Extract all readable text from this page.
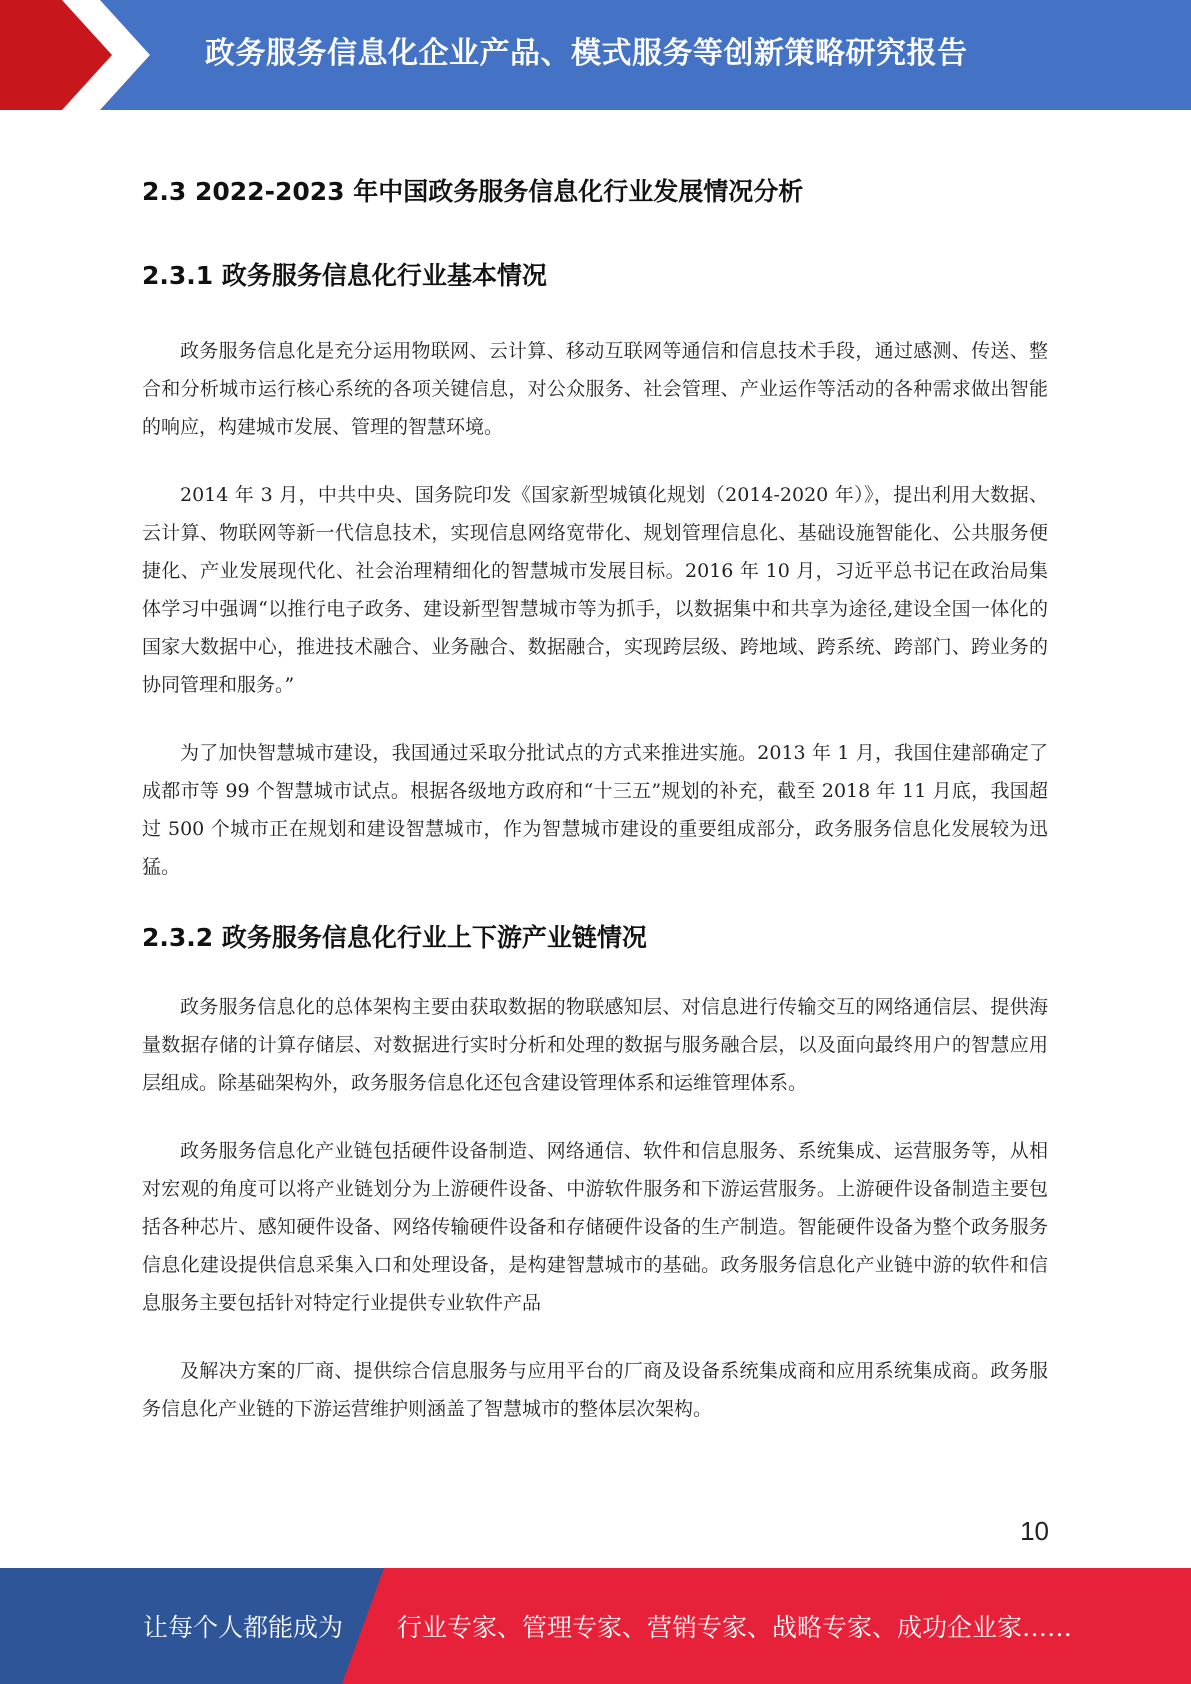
政务服务信息化企业产品、模式服务等创新策略研究报告
2.3 2022-2023 年中国政务服务信息化行业发展情况分析
2.3.1 政务服务信息化行业基本情况

政务服务信息化是充分运用物联网、云计算、移动互联网等通信和信息技术手段，通过感测、传送、整合和分析城市运行核心系统的各项关键信息，对公众服务、社会管理、产业运作等活动的各种需求做出智能的响应，构建城市发展、管理的智慧环境。

2014 年 3 月，中共中央、国务院印发《国家新型城镇化规划（2014-2020 年）》，提出利用大数据、云计算、物联网等新一代信息技术，实现信息网络宽带化、规划管理信息化、基础设施智能化、公共服务便捷化、产业发展现代化、社会治理精细化的智慧城市发展目标。2016 年 10 月，习近平总书记在政治局集体学习中强调“以推行电子政务、建设新型智慧城市等为抓手，以数据集中和共享为途径,建设全国一体化的国家大数据中心，推进技术融合、业务融合、数据融合，实现跨层级、跨地域、跨系统、跨部门、跨业务的协同管理和服务。”

为了加快智慧城市建设，我国通过采取分批试点的方式来推进实施。2013 年 1 月，我国住建部确定了成都市等 99 个智慧城市试点。根据各级地方政府和“十三五”规划的补充，截至 2018 年 11 月底，我国超过 500 个城市正在规划和建设智慧城市，作为智慧城市建设的重要组成部分，政务服务信息化发展较为迅猛。

2.3.2 政务服务信息化行业上下游产业链情况

政务服务信息化的总体架构主要由获取数据的物联感知层、对信息进行传输交互的网络通信层、提供海量数据存储的计算存储层、对数据进行实时分析和处理的数据与服务融合层，以及面向最终用户的智慧应用层组成。除基础架构外，政务服务信息化还包含建设管理体系和运维管理体系。

政务服务信息化产业链包括硬件设备制造、网络通信、软件和信息服务、系统集成、运营服务等，从相对宏观的角度可以将产业链划分为上游硬件设备、中游软件服务和下游运营服务。上游硬件设备制造主要包括各种芯片、感知硬件设备、网络传输硬件设备和存储硬件设备的生产制造。智能硬件设备为整个政务服务信息化建设提供信息采集入口和处理设备，是构建智慧城市的基础。政务服务信息化产业链中游的软件和信息服务主要包括针对特定行业提供专业软件产品

及解决方案的厂商、提供综合信息服务与应用平台的厂商及设备系统集成商和应用系统集成商。政务服务信息化产业链的下游运营维护则涵盖了智慧城市的整体层次架构。

10
让每个人都能成为 行业专家、管理专家、营销专家、战略专家、成功企业家……
